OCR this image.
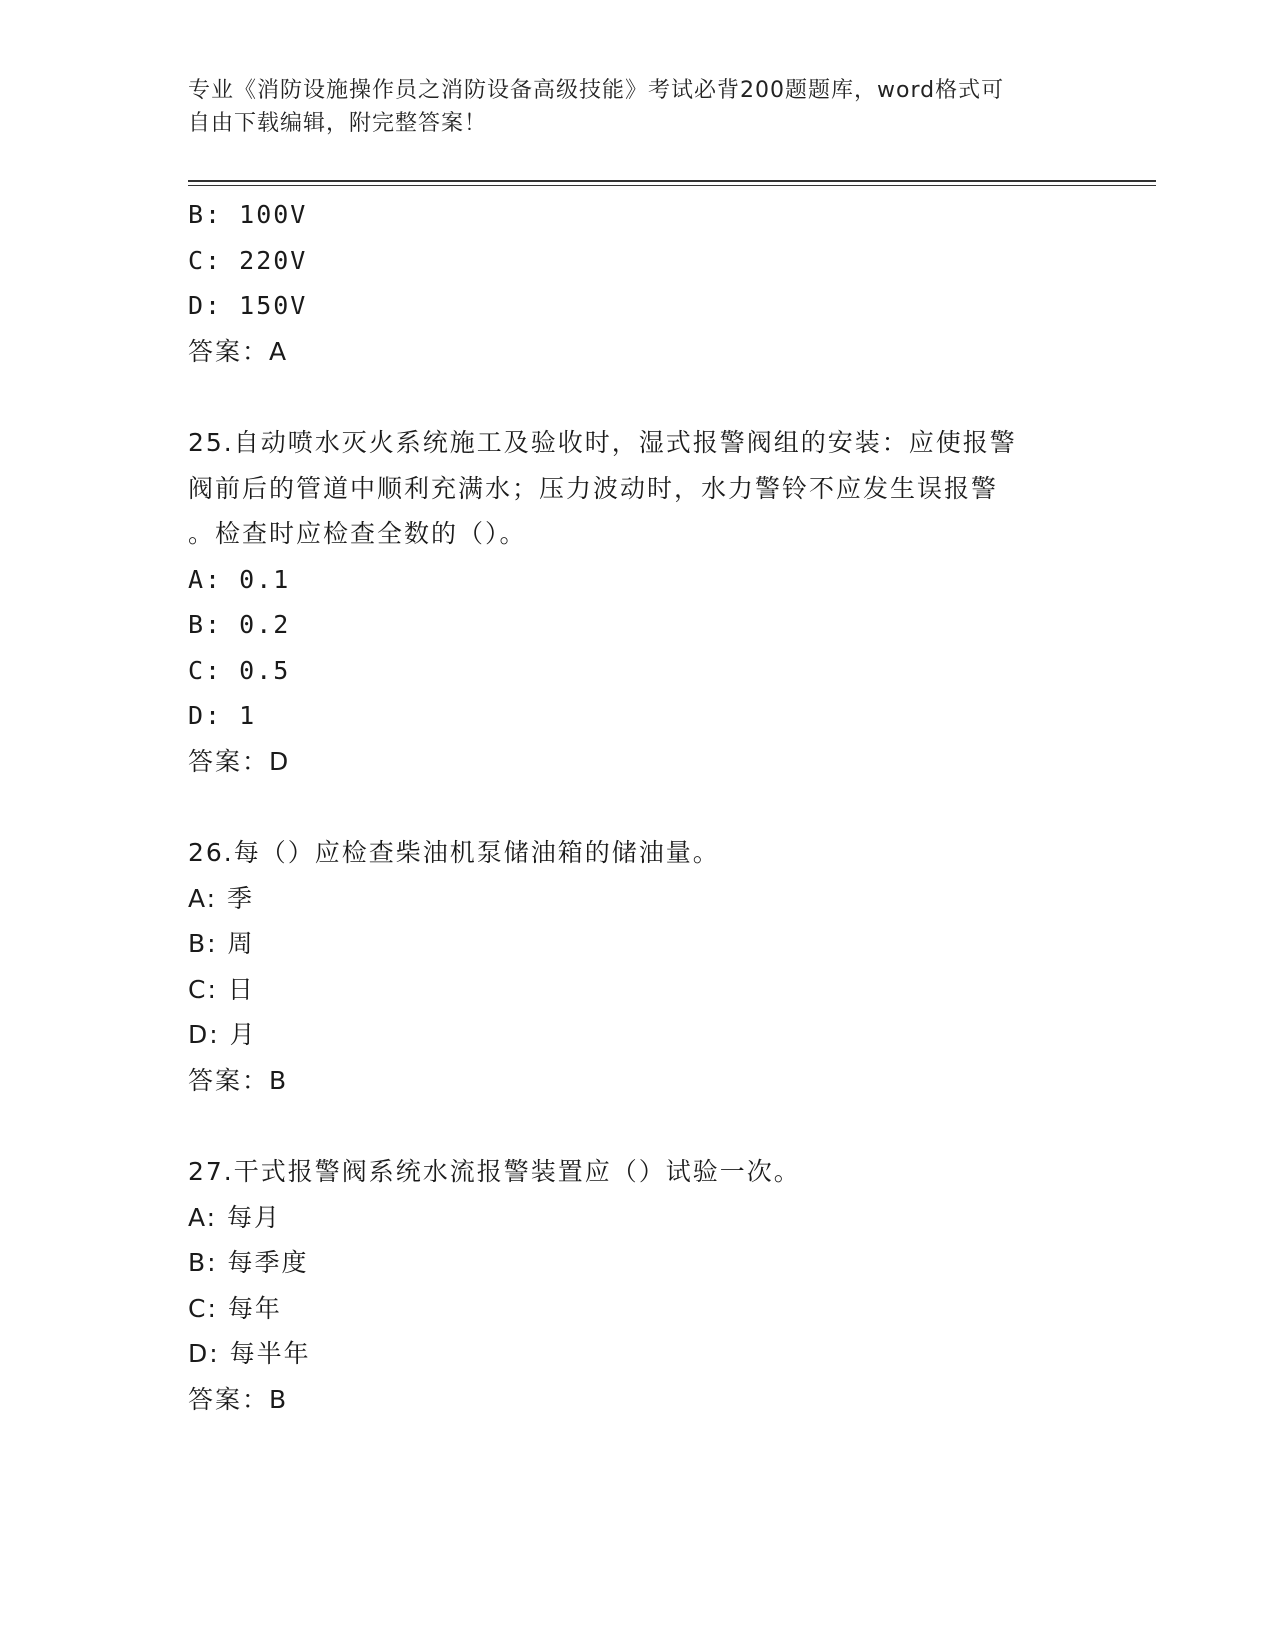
专业《消防设施操作员之消防设备高级技能》考试必背200题题库，word格式可
自由下载编辑，附完整答案！
B: 100V
C: 220V
D: 150V
答案：A
25.自动喷水灭火系统施工及验收时，湿式报警阀组的安装：应使报警
阀前后的管道中顺利充满水；压力波动时，水力警铃不应发生误报警
。检查时应检查全数的（）。
A: 0.1
B: 0.2
C: 0.5
D: 1
答案：D
26.每（）应检查柴油机泵储油箱的储油量。
A: 季
B: 周
C: 日
D: 月
答案：B
27.干式报警阀系统水流报警装置应（）试验一次。
A: 每月
B: 每季度
C: 每年
D: 每半年
答案：B
